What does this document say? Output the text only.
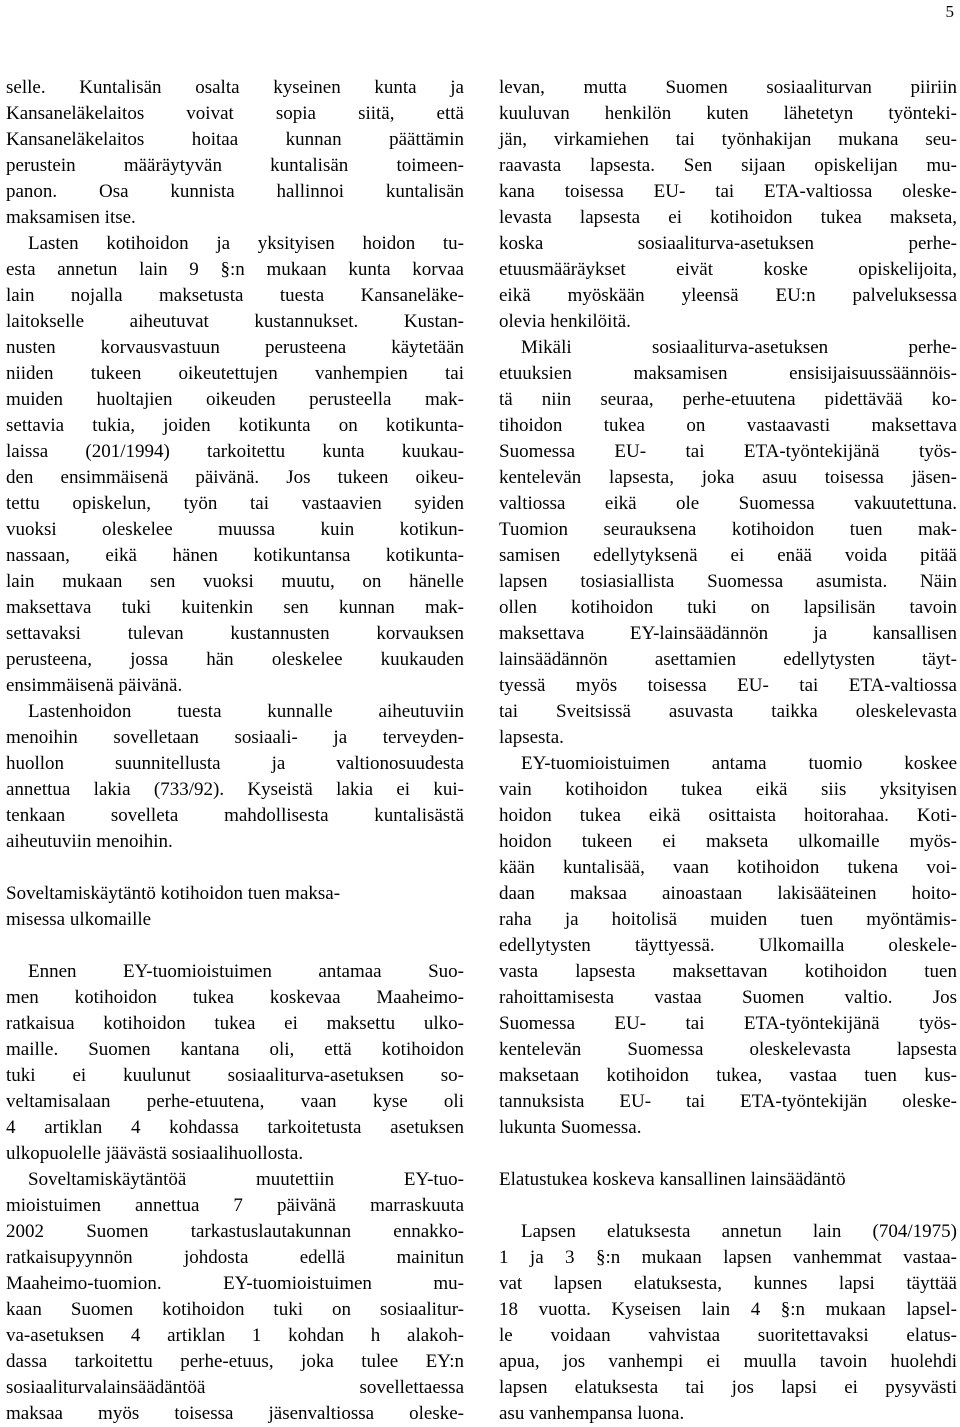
5
selle. Kuntalisän osalta kyseinen kunta ja
Kansaneläkelaitos voivat sopia siitä, että
Kansaneläkelaitos hoitaa kunnan päättämin
perustein määräytyvän kuntalisän toimeen-
panon. Osa kunnista hallinnoi kuntalisän
maksamisen itse.
Lasten kotihoidon ja yksityisen hoidon tu-
esta annetun lain 9 §:n mukaan kunta korvaa
lain nojalla maksetusta tuesta Kansaneläke-
laitokselle aiheutuvat kustannukset. Kustan-
nusten korvausvastuun perusteena käytetään
niiden tukeen oikeutettujen vanhempien tai
muiden huoltajien oikeuden perusteella mak-
settavia tukia, joiden kotikunta on kotikunta-
laissa (201/1994) tarkoitettu kunta kuukau-
den ensimmäisenä päivänä. Jos tukeen oikeu-
tettu opiskelun, työn tai vastaavien syiden
vuoksi oleskelee muussa kuin kotikun-
nassaan, eikä hänen kotikuntansa kotikunta-
lain mukaan sen vuoksi muutu, on hänelle
maksettava tuki kuitenkin sen kunnan mak-
settavaksi tulevan kustannusten korvauksen
perusteena, jossa hän oleskelee kuukauden
ensimmäisenä päivänä.
Lastenhoidon tuesta kunnalle aiheutuviin
menoihin sovelletaan sosiaali- ja terveyden-
huollon suunnitellusta ja valtionosuudesta
annettua lakia (733/92). Kyseistä lakia ei kui-
tenkaan sovelleta mahdollisesta kuntalisästä
aiheutuviin menoihin.
Soveltamiskäytäntö kotihoidon tuen maksa-
misessa ulkomaille
Ennen EY-tuomioistuimen antamaa Suo-
men kotihoidon tukea koskevaa Maaheimo-
ratkaisua kotihoidon tukea ei maksettu ulko-
maille. Suomen kantana oli, että kotihoidon
tuki ei kuulunut sosiaaliturva-asetuksen so-
veltamisalaan perhe-etuutena, vaan kyse oli
4 artiklan 4 kohdassa tarkoitetusta asetuksen
ulkopuolelle jäävästä sosiaalihuollosta.
Soveltamiskäytäntöä muutettiin EY-tuo-
mioistuimen annettua 7 päivänä marraskuuta
2002 Suomen tarkastuslautakunnan ennakko-
ratkaisupyynnön johdosta edellä mainitun
Maaheimo-tuomion. EY-tuomioistuimen mu-
kaan Suomen kotihoidon tuki on sosiaalitur-
va-asetuksen 4 artiklan 1 kohdan h alakoh-
dassa tarkoitettu perhe-etuus, joka tulee EY:n
sosiaaliturvalainsäädäntöä sovellettaessa
maksaa myös toisessa jäsenvaltiossa oleske-
levan, mutta Suomen sosiaaliturvan piiriin
kuuluvan henkilön kuten lähetetyn työnteki-
jän, virkamiehen tai työnhakijan mukana seu-
raavasta lapsesta. Sen sijaan opiskelijan mu-
kana toisessa EU- tai ETA-valtiossa oleske-
levasta lapsesta ei kotihoidon tukea makseta,
koska sosiaaliturva-asetuksen perhe-
etuusmääräykset eivät koske opiskelijoita,
eikä myöskään yleensä EU:n palveluksessa
olevia henkilöitä.
Mikäli sosiaaliturva-asetuksen perhe-
etuuksien maksamisen ensisijaisuussäännöis-
tä niin seuraa, perhe-etuutena pidettävää ko-
tihoidon tukea on vastaavasti maksettava
Suomessa EU- tai ETA-työntekijänä työs-
kentelevän lapsesta, joka asuu toisessa jäsen-
valtiossa eikä ole Suomessa vakuutettuna.
Tuomion seurauksena kotihoidon tuen mak-
samisen edellytyksenä ei enää voida pitää
lapsen tosiasiallista Suomessa asumista. Näin
ollen kotihoidon tuki on lapsilisän tavoin
maksettava EY-lainsäädännön ja kansallisen
lainsäädännön asettamien edellytysten täyt-
tyessä myös toisessa EU- tai ETA-valtiossa
tai Sveitsissä asuvasta taikka oleskelevasta
lapsesta.
EY-tuomioistuimen antama tuomio koskee
vain kotihoidon tukea eikä siis yksityisen
hoidon tukea eikä osittaista hoitorahaa. Koti-
hoidon tukeen ei makseta ulkomaille myös-
kään kuntalisää, vaan kotihoidon tukena voi-
daan maksaa ainoastaan lakisääteinen hoito-
raha ja hoitolisä muiden tuen myöntämis-
edellytysten täyttyessä. Ulkomailla oleskele-
vasta lapsesta maksettavan kotihoidon tuen
rahoittamisesta vastaa Suomen valtio. Jos
Suomessa EU- tai ETA-työntekijänä työs-
kentelevän Suomessa oleskelevasta lapsesta
maksetaan kotihoidon tukea, vastaa tuen kus-
tannuksista EU- tai ETA-työntekijän oleske-
lukunta Suomessa.
Elatustukea koskeva kansallinen lainsäädäntö
Lapsen elatuksesta annetun lain (704/1975)
1 ja 3 §:n mukaan lapsen vanhemmat vastaa-
vat lapsen elatuksesta, kunnes lapsi täyttää
18 vuotta. Kyseisen lain 4 §:n mukaan lapsel-
le voidaan vahvistaa suoritettavaksi elatus-
apua, jos vanhempi ei muulla tavoin huolehdi
lapsen elatuksesta tai jos lapsi ei pysyvästi
asu vanhempansa luona.
